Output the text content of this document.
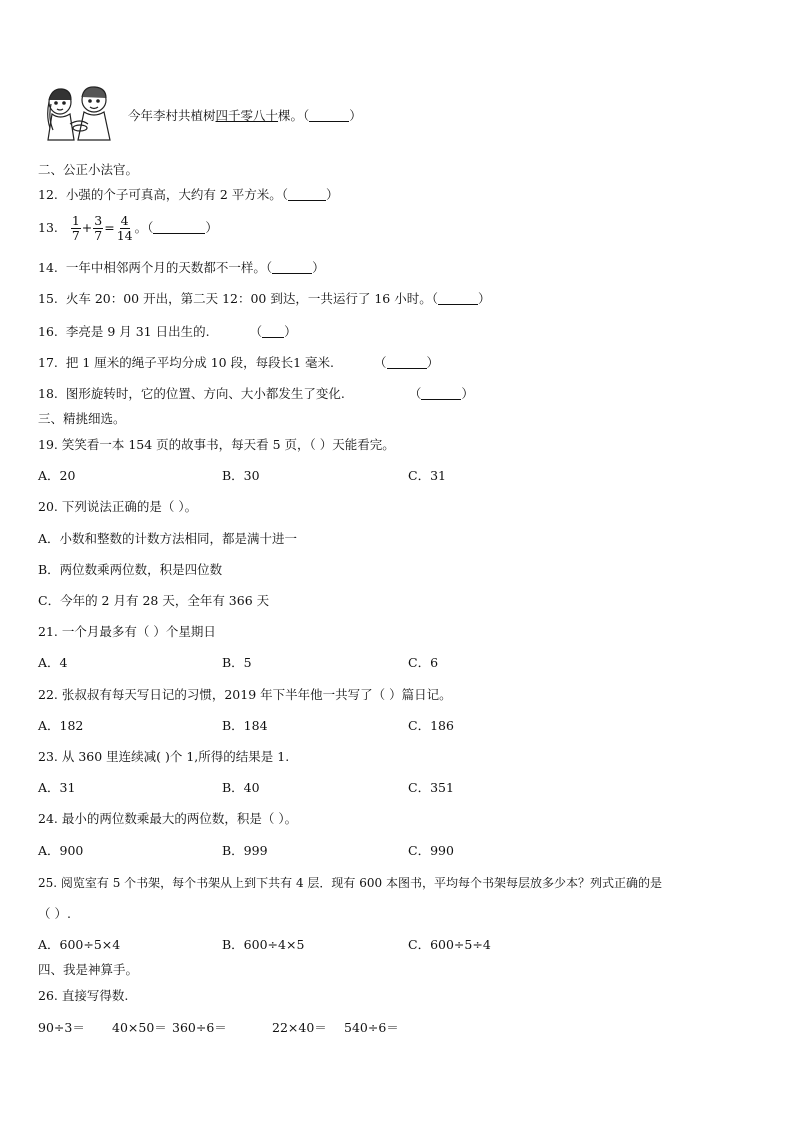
今年李村共植树四千零八十棵。（	）
二、公正小法官。
12. 小强的个子可真高，大约有 2 平方米。（	）
13. $\frac{1}{7} + \frac{3}{7} = \frac{4}{14}$ 。（	）
14. 一年中相邻两个月的天数都不一样。（	）
15. 火车 20：00 开出，第二天 12：00 到达，一共运行了 16 小时。（	）
16. 李亮是 9 月 31 日出生的.	（ ）
17. 把 1 厘米的绳子平均分成 10 段，每段长1 毫米.	（	）
18. 图形旋转时，它的位置、方向、大小都发生了变化.	（	）
三、精挑细选。
19. 笑笑看一本 154 页的故事书，每天看 5 页，（ ）天能看完。
A．20	B．30	C．31
20. 下列说法正确的是（ ）。
A．小数和整数的计数方法相同，都是满十进一
B．两位数乘两位数，积是四位数
C．今年的 2 月有 28 天，全年有 366 天
21. 一个月最多有（ ）个星期日
A．4	B．5	C．6
22. 张叔叔有每天写日记的习惯，2019 年下半年他一共写了（ ）篇日记。
A．182	B．184	C．186
23. 从 360 里连续减( )个 1,所得的结果是 1.
A．31	B．40	C．351
24. 最小的两位数乘最大的两位数，积是（ ）。
A．900	B．999	C．990
25. 阅览室有 5 个书架，每个书架从上到下共有 4 层．现有 600 本图书，平均每个书架每层放多少本？列式正确的是
（ ）.
A．600÷5×4	B．600÷4×5	C．600÷5÷4
四、我是神算手。
26. 直接写得数.
90÷3＝ 40×50＝ 360÷6＝	22×40＝ 540÷6＝
